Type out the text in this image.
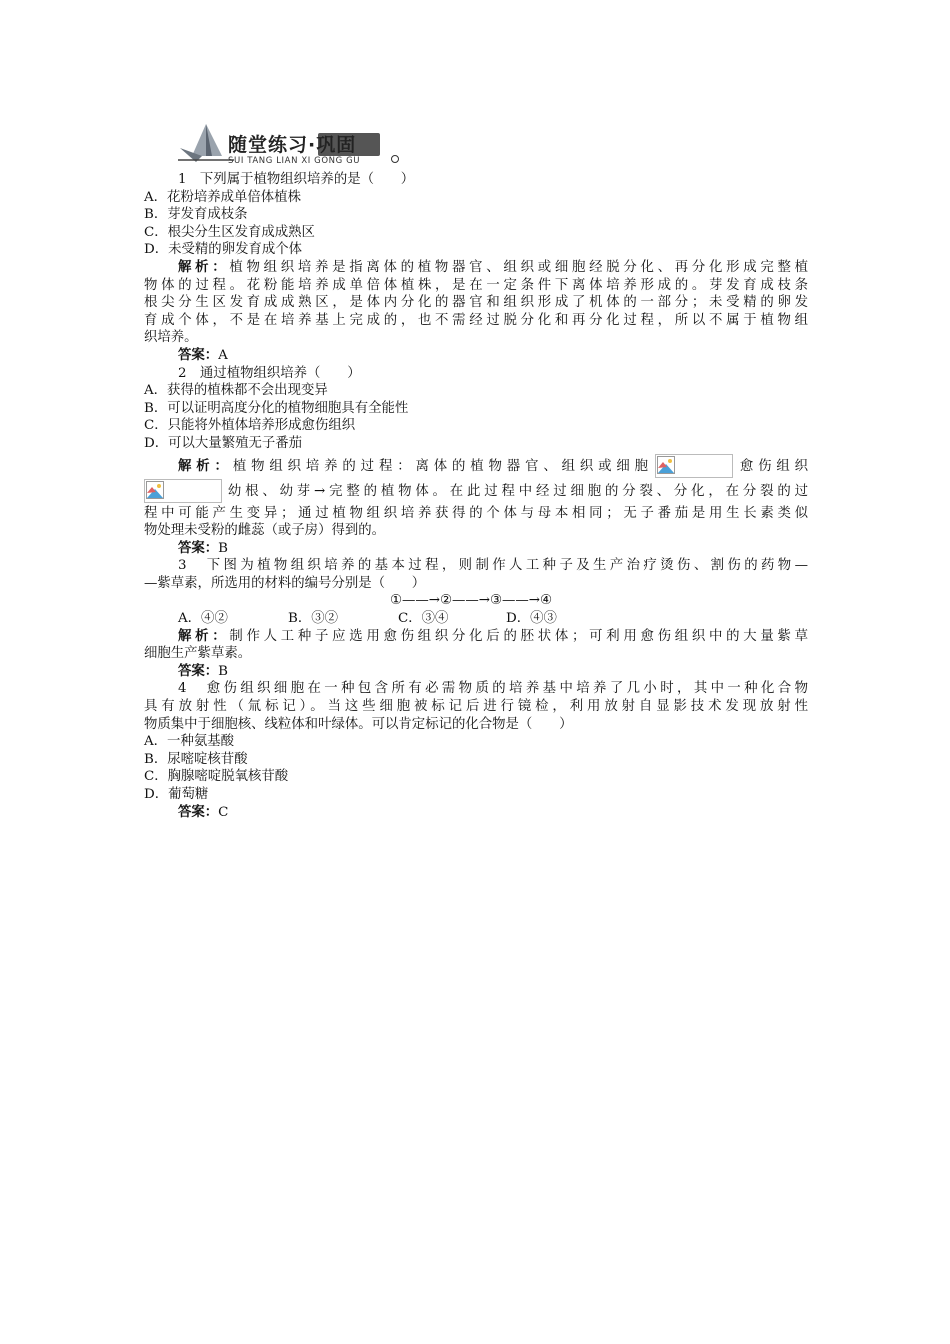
随堂练习·巩固
SUI TANG LIAN XI GONG GU
1　下列属于植物组织培养的是（　　）
A．花粉培养成单倍体植株
B．芽发育成枝条
C．根尖分生区发育成成熟区
D．未受精的卵发育成个体
解析：植物组织培养是指离体的植物器官、组织或细胞经脱分化、再分化形成完整植
物体的过程。花粉能培养成单倍体植株，是在一定条件下离体培养形成的。芽发育成枝条
根尖分生区发育成成熟区，是体内分化的器官和组织形成了机体的一部分；未受精的卵发
育成个体，不是在培养基上完成的，也不需经过脱分化和再分化过程，所以不属于植物组
织培养。
答案：A
2　通过植物组织培养（　　）
A．获得的植株都不会出现变异
B．可以证明高度分化的植物细胞具有全能性
C．只能将外植体培养形成愈伤组织
D．可以大量繁殖无子番茄
解析：植物组织培养的过程：离体的植物器官、组织或细胞	愈伤组织
幼根、幼芽→完整的植物体。在此过程中经过细胞的分裂、分化，在分裂的过
程中可能产生变异；通过植物组织培养获得的个体与母本相同；无子番茄是用生长素类似
物处理未受粉的雌蕊（或子房）得到的。
答案：B
3　下图为植物组织培养的基本过程，则制作人工种子及生产治疗烫伤、割伤的药物—
—紫草素，所选用的材料的编号分别是（　　）
①——→②——→③——→④
A．④②	B．③②	C．③④	D．④③
解析：制作人工种子应选用愈伤组织分化后的胚状体；可利用愈伤组织中的大量紫草
细胞生产紫草素。
答案：B
4　愈伤组织细胞在一种包含所有必需物质的培养基中培养了几小时，其中一种化合物
具有放射性（氚标记）。当这些细胞被标记后进行镜检，利用放射自显影技术发现放射性
物质集中于细胞核、线粒体和叶绿体。可以肯定标记的化合物是（　　）
A．一种氨基酸
B．尿嘧啶核苷酸
C．胸腺嘧啶脱氧核苷酸
D．葡萄糖
答案：C
